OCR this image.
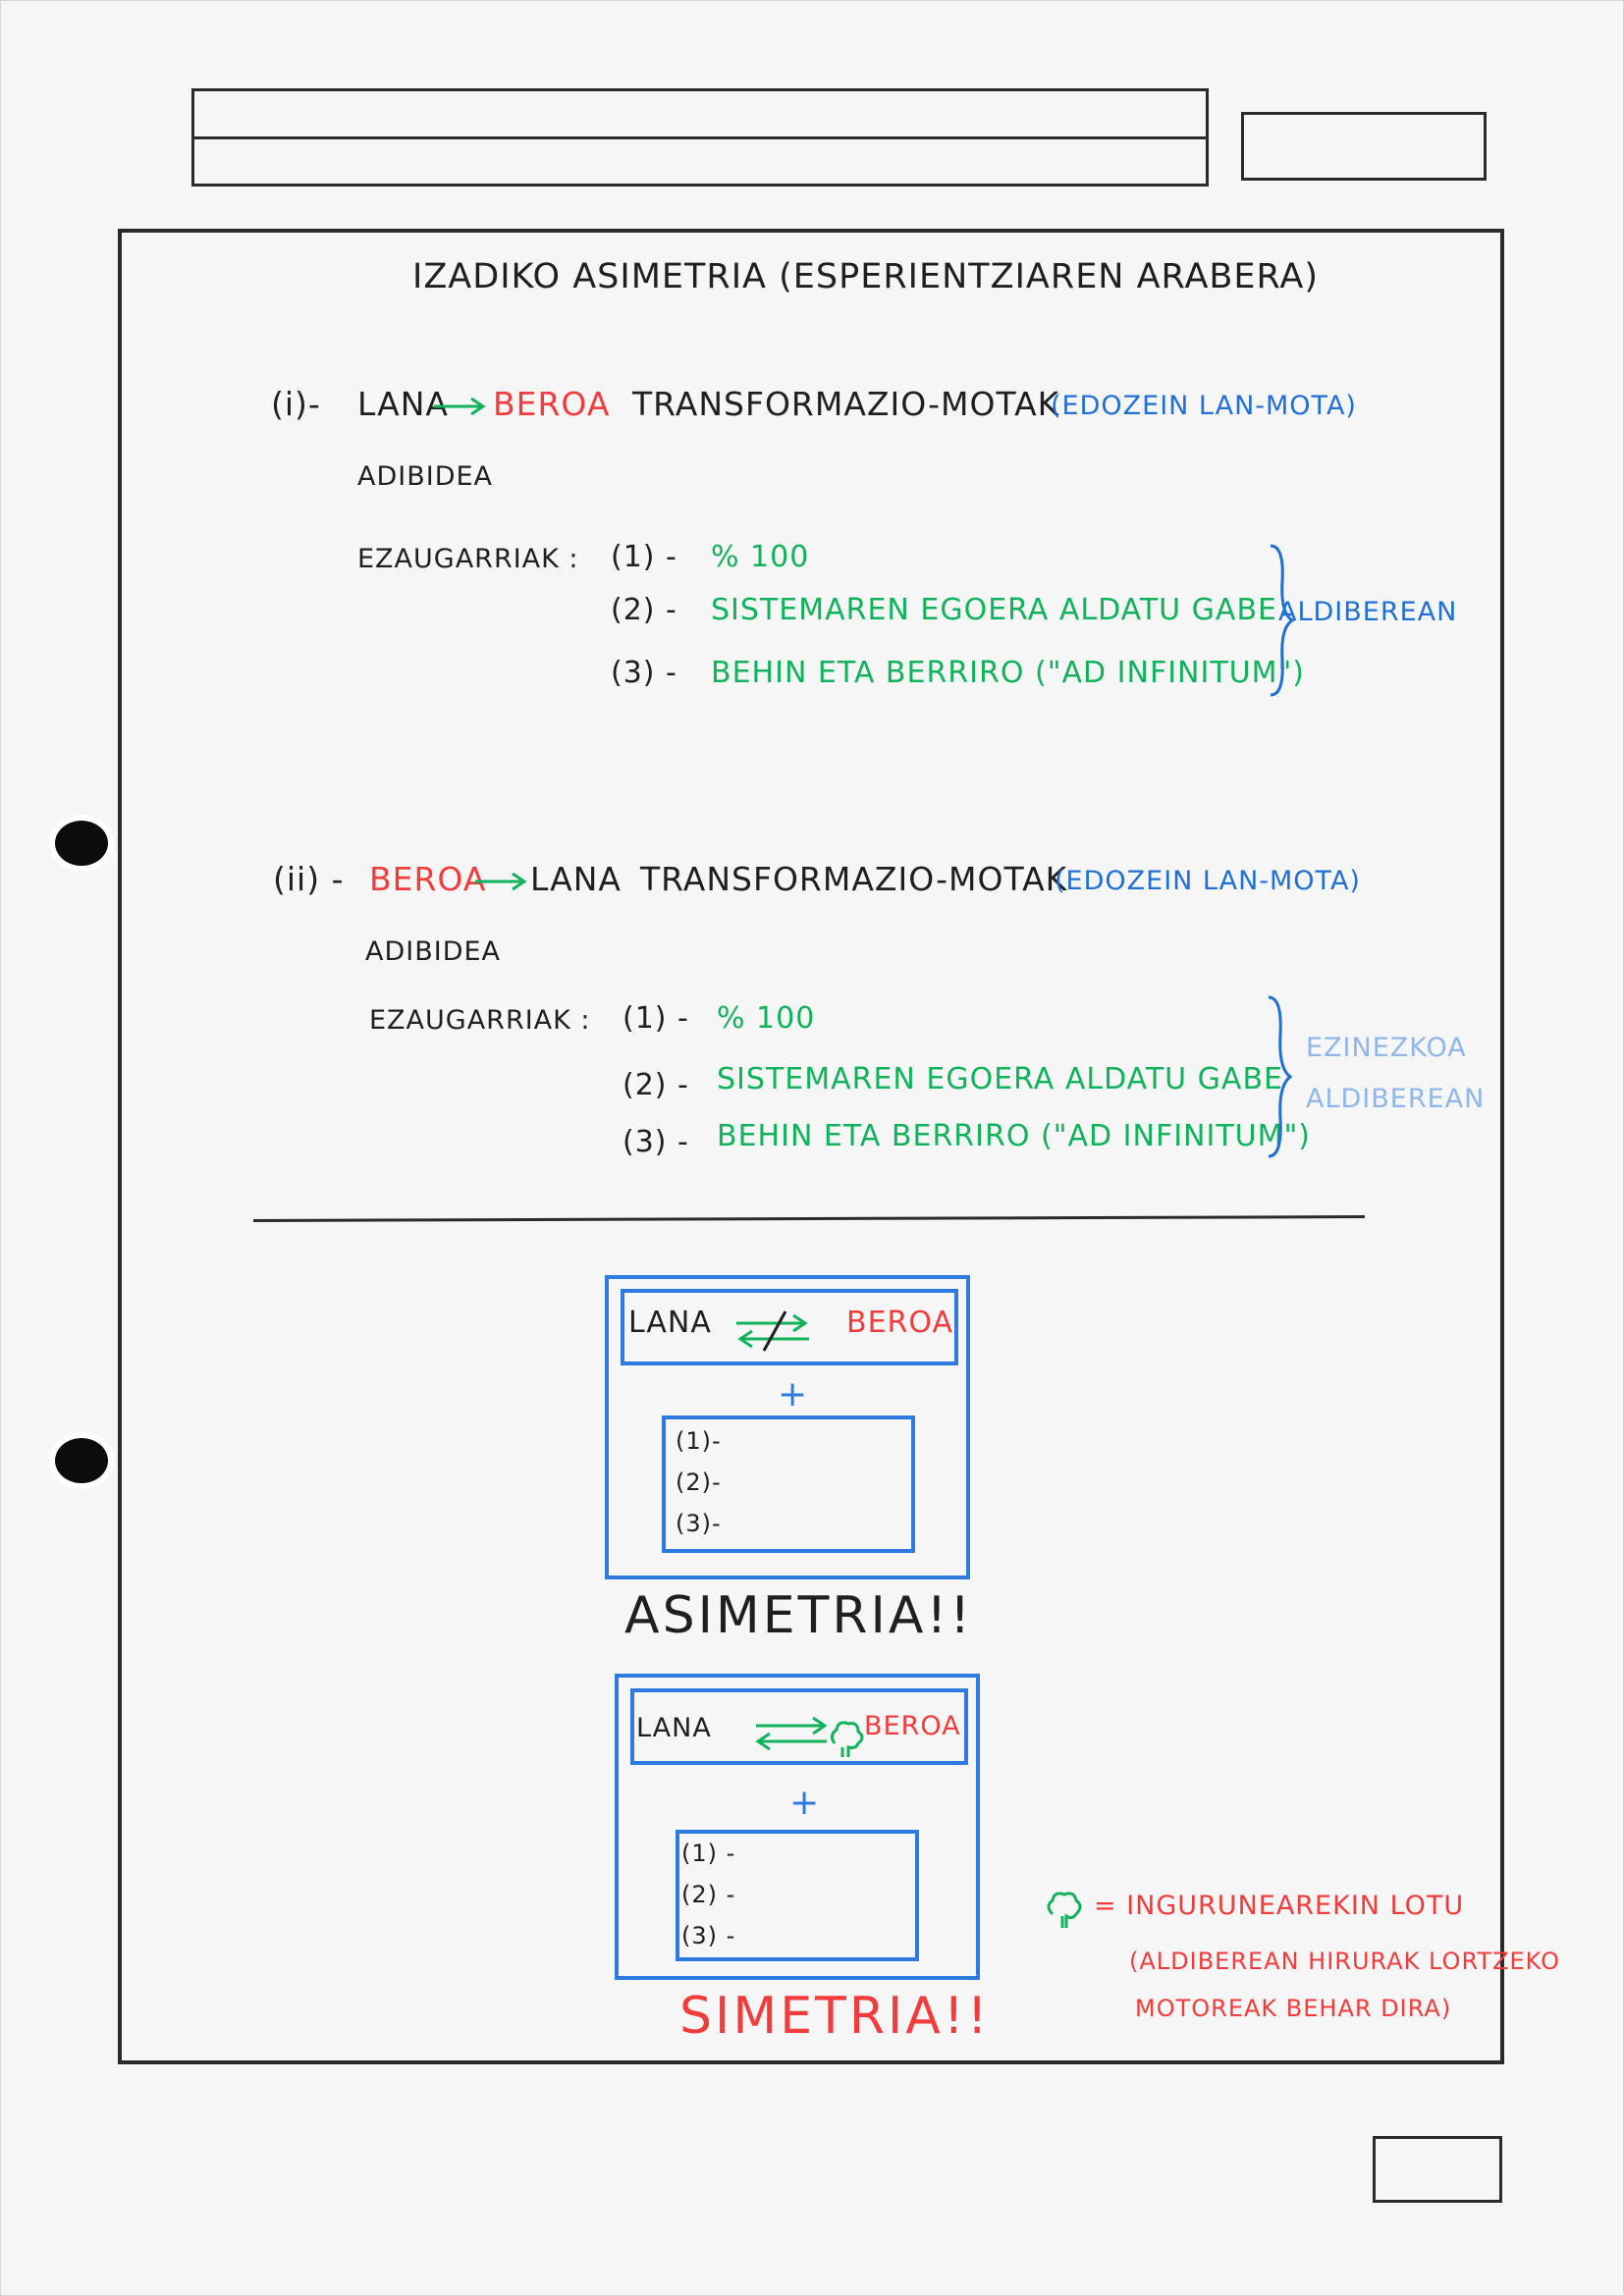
IZADIKO ASIMETRIA (ESPERIENTZIAREN ARABERA)
(i)- LANA BEROA TRANSFORMAZIO-MOTAK
(EDOZEIN LAN-MOTA)
ADIBIDEA
EZAUGARRIAK : (1) - % 100
(2) - SISTEMAREN EGOERA ALDATU GABE
(3) - BEHIN ETA BERRIRO ("AD INFINITUM")
ALDIBEREAN
(ii) - BEROA LANA TRANSFORMAZIO-MOTAK
(EDOZEIN LAN-MOTA)
ADIBIDEA
EZAUGARRIAK : (1) - % 100
(2) - SISTEMAREN EGOERA ALDATU GABE
(3) - BEHIN ETA BERRIRO ("AD INFINITUM")
EZINEZKOA
ALDIBEREAN
LANA	BEROA
+
(1)-
(2)-
(3)-
ASIMETRIA!!
LANA	BEROA
+
(1) -
(2) -
(3) -
SIMETRIA!!
= INGURUNEAREKIN LOTU
(ALDIBEREAN HIRURAK LORTZEKO
MOTOREAK BEHAR DIRA)
